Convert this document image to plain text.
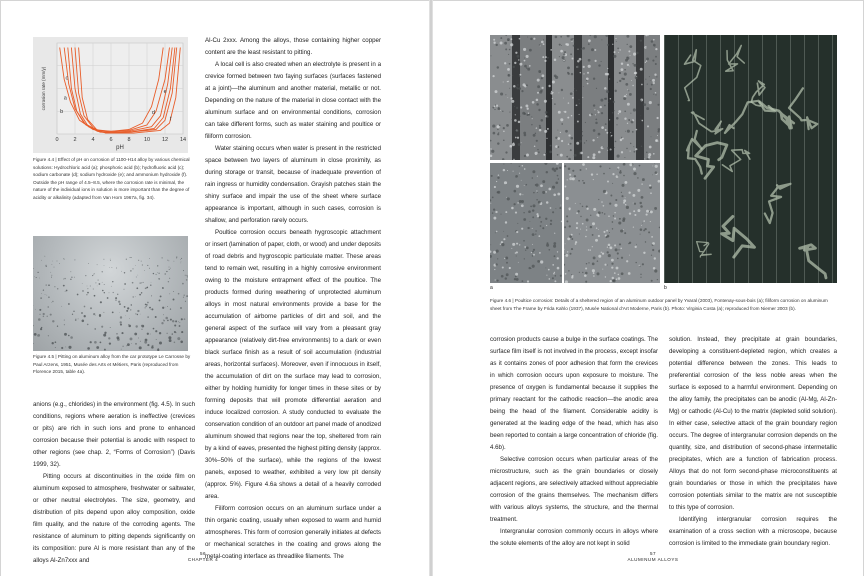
0	2	4	6	8 10 12 14
pH
corrosion rate (mm/y)	a
b
c
d
e
f
Figure 4.4 | Effect of pH on corrosion of 1100-H14 alloy by various chemical solutions: Hydrochloric acid (a); phosphoric acid (b); hydrofluoric acid (c); sodium carbonate (d); sodium hydroxide (e); and ammonium hydroxide (f). Outside the pH range of 4.5–8.5, where the corrosion rate is minimal, the nature of the individual ions in solution is more important than the degree of acidity or alkalinity (adapted from Van Horn 1967a, fig. 34).
Figure 4.5 | Pitting on aluminum alloy from the car prototype Le Carrosse by Paul Arzens, 1951, Musée des Arts et Métiers, Paris (reproduced from Florence 2015, table 4a).

anions (e.g., chlorides) in the environment (fig. 4.5). In such conditions, regions where aeration is ineffective (crevices or pits) are rich in such ions and prone to enhanced corrosion because their potential is anodic with respect to other regions (see chap. 2, “Forms of Corrosion”) (Davis 1999, 32).

Pitting occurs at discontinuities in the oxide film on aluminum exposed to atmosphere, freshwater or saltwater, or other neutral electrolytes. The size, geometry, and distribution of pits depend upon alloy composition, oxide film quality, and the nature of the corroding agents. The resistance of aluminum to pitting depends significantly on its composition: pure Al is more resistant than any of the alloys Al-Zn7xxx and

Al-Cu 2xxx. Among the alloys, those containing higher copper content are the least resistant to pitting.

A local cell is also created when an electrolyte is present in a crevice formed between two faying surfaces (surfaces fastened at a joint)—the aluminum and another material, metallic or not. Depending on the nature of the material in close contact with the aluminum surface and on environmental conditions, corrosion can take different forms, such as water staining and poultice or filiform corrosion.

Water staining occurs when water is present in the restricted space between two layers of aluminum in close proximity, as during storage or transit, because of inadequate prevention of rain ingress or humidity condensation. Grayish patches stain the shiny surface and impair the use of the sheet where surface appearance is important, although in such cases, corrosion is shallow, and perforation rarely occurs.

Poultice corrosion occurs beneath hygroscopic attachment or insert (lamination of paper, cloth, or wood) and under deposits of road debris and hygroscopic particulate matter. These areas tend to remain wet, resulting in a highly corrosive environment owing to the moisture entrapment effect of the poultice. The products formed during weathering of unprotected aluminum alloys in most natural environments provide a base for the accumulation of airborne particles of dirt and soil, and the general aspect of the surface will vary from a pleasant gray appearance (relatively dirt-free environments) to a dark or even black surface finish as a result of soil accumulation (industrial areas, horizontal surfaces). Moreover, even if innocuous in itself, the accumulation of dirt on the surface may lead to corrosion, either by holding humidity for longer times in these sites or by forming deposits that will promote differential aeration and induce localized corrosion. A study conducted to evaluate the conservation condition of an outdoor art panel made of anodized aluminum showed that regions near the top, sheltered from rain by a kind of eaves, presented the highest pitting density (approx. 30%–50% of the surface), while the regions of the lowest panels, exposed to weather, exhibited a very low pit density (approx. 5%). Figure 4.6a shows a detail of a heavily corroded area.

Filiform corrosion occurs on an aluminum surface under a thin organic coating, usually when exposed to warm and humid atmospheres. This form of corrosion generally initiates at defects or mechanical scratches in the coating and grows along the metal-coating interface as threadlike filaments. The

56
CHAPTER 4
a	b
Figure 4.6 | Poultice corrosion: Details of a sheltered region of an aluminum outdoor panel by Yvaral (2003), Fontenay-sous-bois (a); filiform corrosion on aluminum sheet from The Frame by Frida Kahlo (1937), Musée National d’Art Moderne, Paris (b). Photo: Virginia Costa (a); reproduced from Niemer 2003 (b).

corrosion products cause a bulge in the surface coatings. The surface film itself is not involved in the process, except insofar as it contains zones of poor adhesion that form the crevices in which corrosion occurs upon exposure to moisture. The presence of oxygen is fundamental because it supplies the primary reactant for the cathodic reaction—the anodic area being the head of the filament. Considerable acidity is generated at the leading edge of the head, which has also been reported to contain a large concentration of chloride (fig. 4.6b).

Selective corrosion occurs when particular areas of the microstructure, such as the grain boundaries or closely adjacent regions, are selectively attacked without appreciable corrosion of the grains themselves. The mechanism differs with various alloys systems, the structure, and the thermal treatment.

Intergranular corrosion commonly occurs in alloys where the solute elements of the alloy are not kept in solid

solution. Instead, they precipitate at grain boundaries, developing a constituent-depleted region, which creates a potential difference between the zones. This leads to preferential corrosion of the less noble areas when the surface is exposed to a harmful environment. Depending on the alloy family, the precipitates can be anodic (Al-Mg, Al-Zn-Mg) or cathodic (Al-Cu) to the matrix (depleted solid solution). In either case, selective attack of the grain boundary region occurs. The degree of intergranular corrosion depends on the quantity, size, and distribution of second-phase intermetallic precipitates, which are a function of fabrication process. Alloys that do not form second-phase microconstituents at grain boundaries or those in which the precipitates have corrosion potentials similar to the matrix are not susceptible to this type of corrosion.

Identifying intergranular corrosion requires the examination of a cross section with a microscope, because corrosion is limited to the immediate grain boundary region.

57
ALUMINUM ALLOYS
